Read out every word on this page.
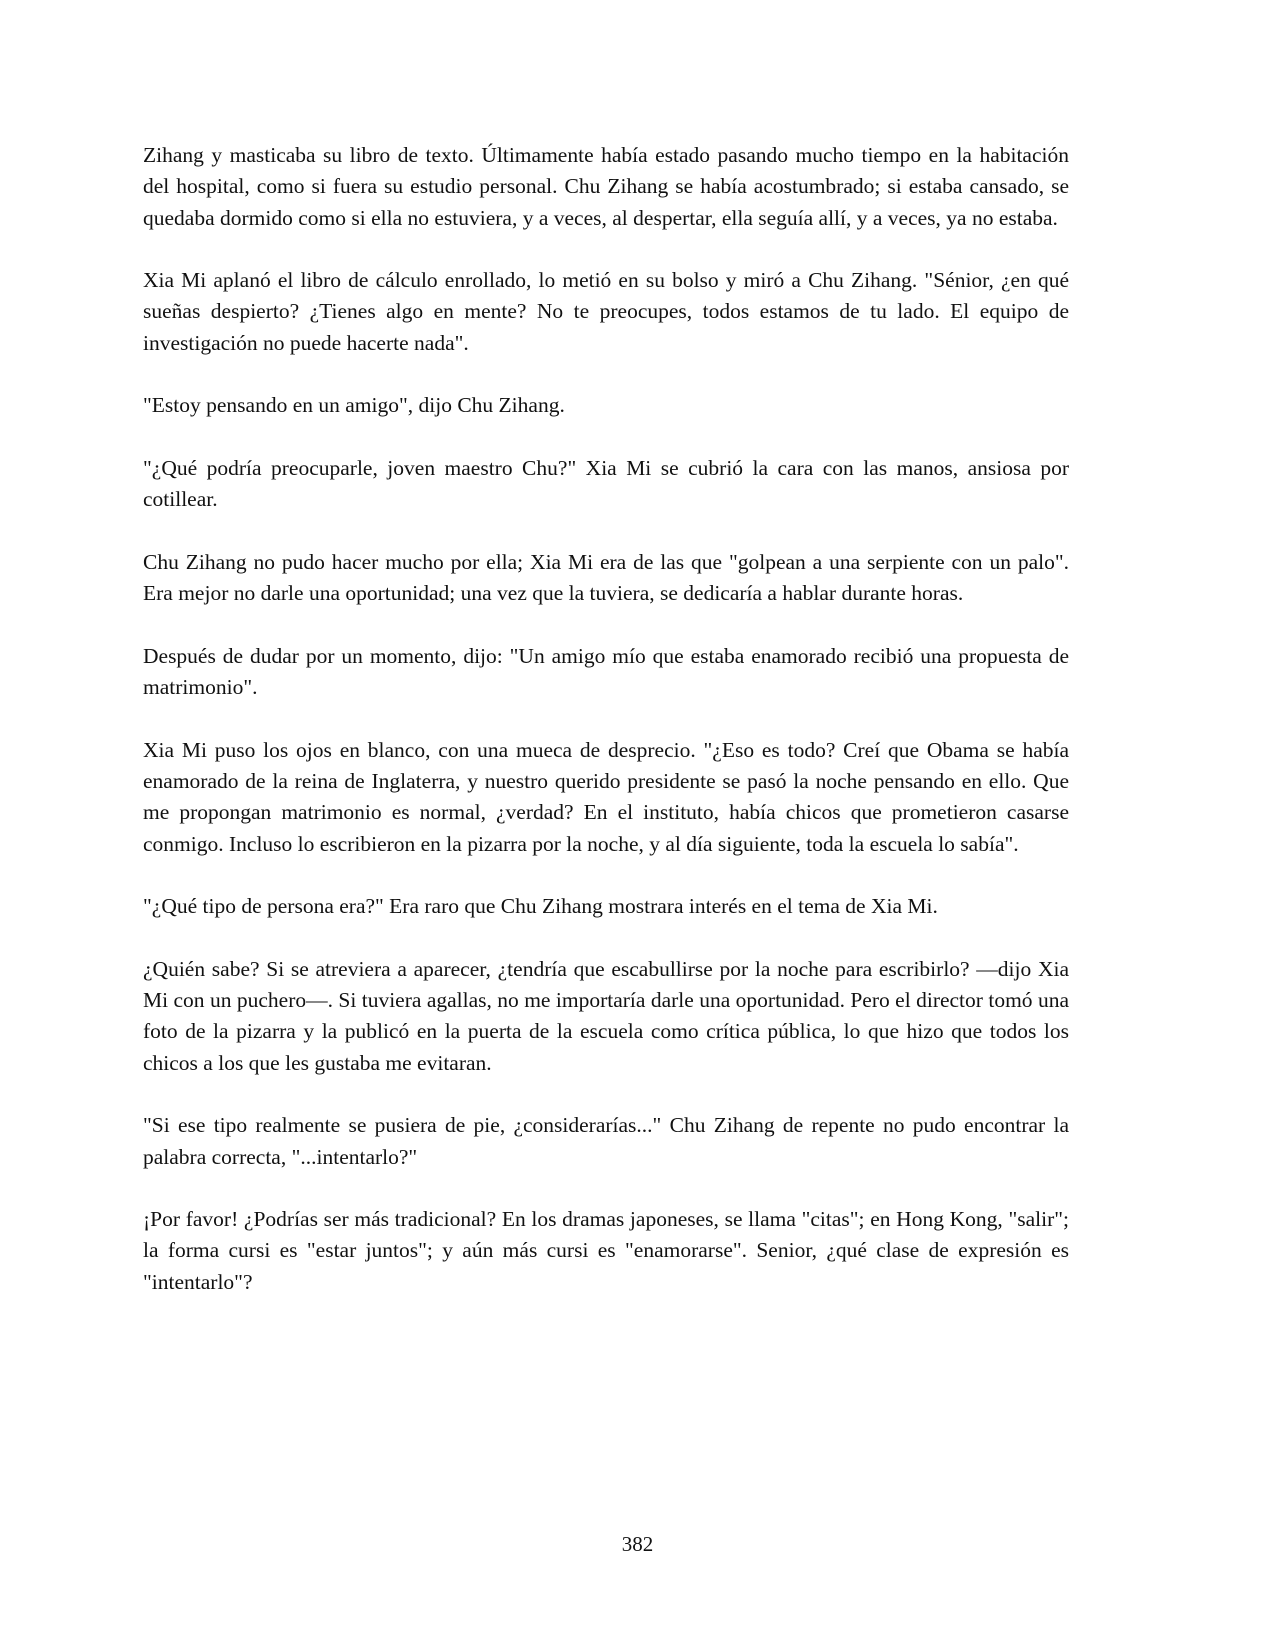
Zihang y masticaba su libro de texto. Últimamente había estado pasando mucho tiempo en la habitación del hospital, como si fuera su estudio personal. Chu Zihang se había acostumbrado; si estaba cansado, se quedaba dormido como si ella no estuviera, y a veces, al despertar, ella seguía allí, y a veces, ya no estaba.

Xia Mi aplanó el libro de cálculo enrollado, lo metió en su bolso y miró a Chu Zihang. "Sénior, ¿en qué sueñas despierto? ¿Tienes algo en mente? No te preocupes, todos estamos de tu lado. El equipo de investigación no puede hacerte nada".

"Estoy pensando en un amigo", dijo Chu Zihang.

"¿Qué podría preocuparle, joven maestro Chu?" Xia Mi se cubrió la cara con las manos, ansiosa por cotillear.

Chu Zihang no pudo hacer mucho por ella; Xia Mi era de las que "golpean a una serpiente con un palo". Era mejor no darle una oportunidad; una vez que la tuviera, se dedicaría a hablar durante horas.

Después de dudar por un momento, dijo: "Un amigo mío que estaba enamorado recibió una propuesta de matrimonio".

Xia Mi puso los ojos en blanco, con una mueca de desprecio. "¿Eso es todo? Creí que Obama se había enamorado de la reina de Inglaterra, y nuestro querido presidente se pasó la noche pensando en ello. Que me propongan matrimonio es normal, ¿verdad? En el instituto, había chicos que prometieron casarse conmigo. Incluso lo escribieron en la pizarra por la noche, y al día siguiente, toda la escuela lo sabía".

"¿Qué tipo de persona era?" Era raro que Chu Zihang mostrara interés en el tema de Xia Mi.

¿Quién sabe? Si se atreviera a aparecer, ¿tendría que escabullirse por la noche para escribirlo? —dijo Xia Mi con un puchero—. Si tuviera agallas, no me importaría darle una oportunidad. Pero el director tomó una foto de la pizarra y la publicó en la puerta de la escuela como crítica pública, lo que hizo que todos los chicos a los que les gustaba me evitaran.

"Si ese tipo realmente se pusiera de pie, ¿considerarías..." Chu Zihang de repente no pudo encontrar la palabra correcta, "...intentarlo?"

¡Por favor! ¿Podrías ser más tradicional? En los dramas japoneses, se llama "citas"; en Hong Kong, "salir"; la forma cursi es "estar juntos"; y aún más cursi es "enamorarse". Senior, ¿qué clase de expresión es "intentarlo"?

382
